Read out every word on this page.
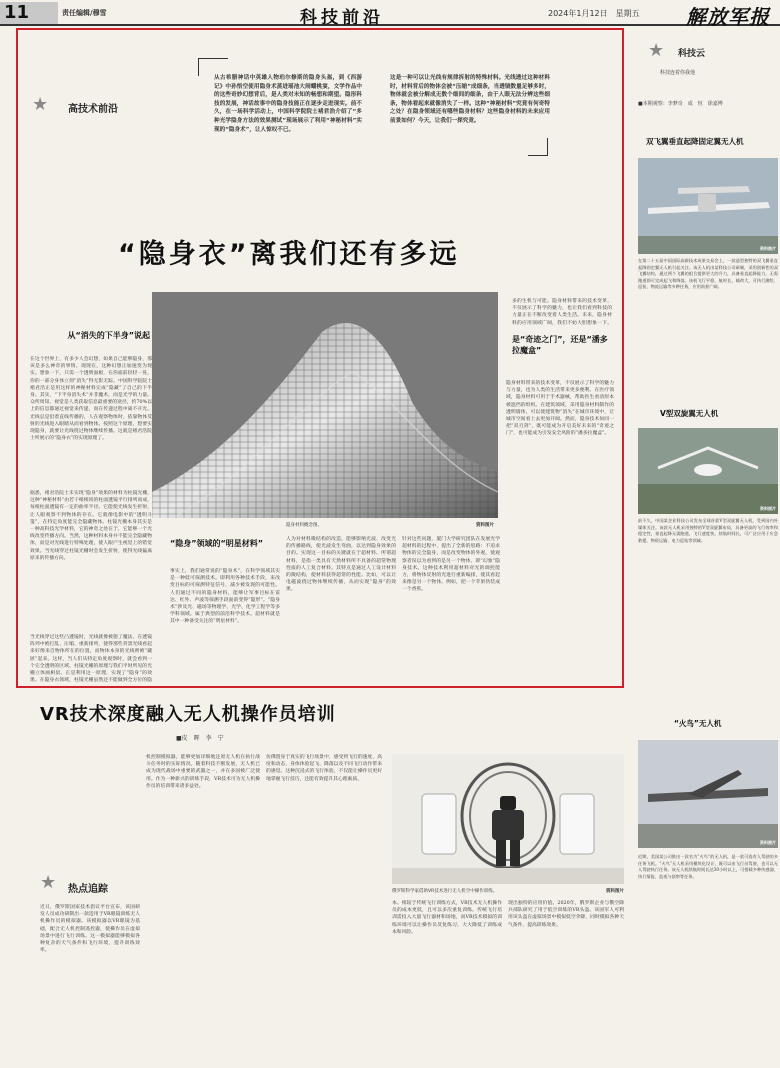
11	责任编辑/穆雪	科技前沿	2024年1月12日　星期五 解放军报
★ 高技术前沿
从古希腊神话中英雄人物珀尔修斯的隐身头盔，到《西游记》中孙悟空使用隐身术蒸进瑶池大闹蟠桃宴，文学作品中的这些奇妙幻想背后，是人类对未知的畅想和期望。隐形科技的发展，神话故事中的隐身技能正在逐步走进现实。前不久，在一场科学活动上，中国科学院院士褚君浩介绍了“多种光学隐身方法的效果测试”现场展示了利用“神秘材料”实现的“隐身术”，让人惊叹不已。
这是一种可以让光线有规律拆射的特殊材料。光线透过这种材料时，材料背后的物体会被“压缩”成细条，当透镜数量足够多时，物体就会被分解成无数个细间的细条，由于人眼无法分辨这些细条，物体看起来就像消失了一样。这种“神秘材料”究竟有何奇特之处？在隐身领域还有哪些隐身材料？这些隐身材料的未来应用前景如何？今天，让我们一探究竟。
“隐身衣”离我们还有多远
从“消失的下半身”说起
在这个世界上，有多少人会幻想，如果自己能够隐身，那该是多么神奇的事情。现现在，这种幻想正加速变为现实。想象一下，只需一个透明面板，在你面前轻轻一晃，你的一部分身体立刻“消失”得无影无踪。中国科学院院士褚君浩正是用这样的神秘材料完成“隐藏”了自己的下半身。其实，“下半身消失术”并非魔术，而是光学的力量。众所周知，视觉是人类获取信息最重要的途径，约70%以上的信息都通过视觉来传递，而在传递过程中离不开光。光线总是沿着直线传播的，人在观察物体时，依靠物体反射的光线进入眼睛从而看到物体。按照这个原理，想要实现隐身，就要让光线绕过物体继续传播。这就是褚君浩院士所展示的“隐身衣”的实现原理了。
据悉，褚君浩院士未实现“隐身”效果的材料为柱镜光栅，这种“神秘材料”由若干根相同的柱面透镜平行排列而成，每根柱面透镜有一定的曲率半径。它能使光线发生折射，让人眼观察不到物体的存在。它就像电影中的“透明斗篷”，在特定角度能完全隐藏物体。柱镜光栅本身其实是一种高科技光学材料，它的神奇之处在于，它能够一个光线改变传播方向。当然，这种材料本身并不能完全隐藏物体，而是对光线进行特殊处理，使人眼产生视觉上的错觉效果。当光线穿过柱镜光栅时会发生折射，使得光线偏离原来的传播方向。
当光线穿过这些凸透镜时，光线就像被施了魔法，在透镜阵列中被打乱、压缩、重新排列，使得那些背景光线看起来好像来自物体所在的位置，而物体本身的光线则被“藏匿”起来。这样，当人们从特定角度观察时，就会看到一个完全透明的区域。柱镜光栅的原理与我们平时所见的光栅立体画相似。正是利用这一原理，实现了“隐身”的效果。在隐身衣领域，柱镜光栅虽然还不能做到全方位的隐
是“奇迹之门”，还是“潘多拉魔盒”
多的生机与可能。隐身材料带来的技术变革，不仅展示了科学的魅力，也让我们看到科技的力量正在不断改变着人类生活。未来，隐身材料的应用领域广阔，我们不妨大胆想象一下。
隐身材料带来的技术变革，不仅展示了科学的魅力与力量，也为人类的生活带来更多便利。在医疗领域，隐身材料可用于手术器械，帮助医生看清原本被遮挡的组织。在建筑领域，采用隐身材料制作的透明墙体，可以使建筑物“消失”在城市环境中，让城市空间看上去更加开阔。然而，隐身技术如同一把“双刃剑”，既可能成为开启美好未来的“奇迹之门”，也可能成为引发安全风险的“潘多拉魔盒”。
“隐身”领域的“明星材料”
事实上，我们通常说的“隐身术”，在科学领域其实是一种低可探测技术。即利用各种技术手段，来改变目标的可探测特征信号，减少被发现的可能性。人们通过不同的隐身材料，能够让军事目标在雷达、红外、声波等探测手段面前变得“隐形”。“隐身术”涉及光、磁场等物理学、光学、化学工程学等多学科领域。属于典型的前沿科学技术。超材料就是其中一种备受关注的“明星材料”。
人为对材料微结构的改造，能够影响光波、改变光的传播路线，使光波发生弯曲，以达到隐身效果的目的。实现这一目标的关键就在于超材料。所谓超材料，是指一类具有天然材料所不具备的超常物理性质的人工复合材料。其特点是通过人工设计材料的微结构，使材料获得超常的性能。比如，可以让电磁波绕过物体继续传播，从而实现“隐身”的效果。
针对这些问题，厦门大学研究团队在发展光学超材料的过程中，提出了全新的思路：不追求物体的完全隐身，而是改变物体的外观，使观察者误以为看到的是另一个物体，即“幻象”隐身技术。这种技术利用超材料对光的调控能力，将物体反射的光进行重新编排，使其看起来像是另一个物体。例如，把一个苹果伪装成一个香蕉。
隐身材料概念图。	资料图片
VR技术深度融入无人机操作员培训
■皮　晖　李　宁
★ 热点追踪
近日，俄罗斯国家技术倡议平台宣布，该国研发人员成功研制出一款适用于VR眼镜训练无人机操作员的模拟器。该模拟器以VR眼镜为基础，配合无人机控制遥控器，使操作员在虚拟场景中进行飞行训练。这一模拟器能够模拟各种复杂的天气条件和飞行环境，提升训练效率。
机控制模拟器，能够更加详细地还原无人机在执行战斗任务时的实际情况。随着科技不断发展，无人机已成为现代战场中重要的武器之一，并在多国被广泛使用。作为一种新兴的训练手段，VR技术可为无人机操作员的培训带来诸多益处。
仿佛置身于真实的飞行场景中，感受到飞行的速度、高度和动态，身体体验起飞、降落以及不同飞行动作带来的感觉。这种沉浸式的飞行体验，不仅能让操作员更好地掌握飞行技巧，还能有效提升其心理素质。
本。相较于传统飞行训练方式，VR技术无人机操作员的成本更低，且可以多次重复训练。传统飞行培训需投入大量飞行器材和场地，而VR技术模拟的训练环境可以让操作员反复练习，大大降低了训练成本和风险。
现出独特的应用价值。2020年，俄罗斯企业与俄空降兵部队研究了用于低空训练的VR头盔。该国军人可利用该头盔在虚拟场景中模拟低空伞降，同时模拟各种天气条件，提高训练效果。
俄罗斯科学家借助VR技术进行无人机空中操作训练。	资料图片
★ 科技云
科技连着你我他
■本期观察：李梦奇　成　恒　徐嘉博
双飞翼垂直起降固定翼无人机
资料图片
在第二十五届中国国际高新技术成果交易会上，一款造型独特的双飞翼垂直起降固定翼无人机引起关注。该无人机由某科技公司研制，采用创新性的双飞翼结构，通过两个飞翼的组合提供更大的升力，具备垂直起降能力，无需跑道即可完成起飞和降落。该机飞行平稳，航时长，载荷大，可执行测绘、巡检、物流运输等多种任务，应用前景广阔。
V型双旋翼无人机
资料图片
前不久，中国某企业科技公司发布全球首款V型双旋翼无人机，受到国内外媒体关注。该款无人机采用独特的V型双旋翼布局，具备更高的飞行效率和稳定性，垂直起降无需跑道，飞行速度快，续航时间长，可广泛应用于应急救援、物资运输、电力巡检等领域。
“火鸟”无人机
资料图片
近期，美国某公司推出一款名为“火鸟”的无人机，是一款可选有人驾驶的多任务飞机。“火鸟”无人机采用模块化设计，既可以由飞行员驾驶，也可以无人驾驶执行任务。该无人机续航时间长达30小时以上，可搭载多种传感器，执行情报、监视与侦察等任务。
